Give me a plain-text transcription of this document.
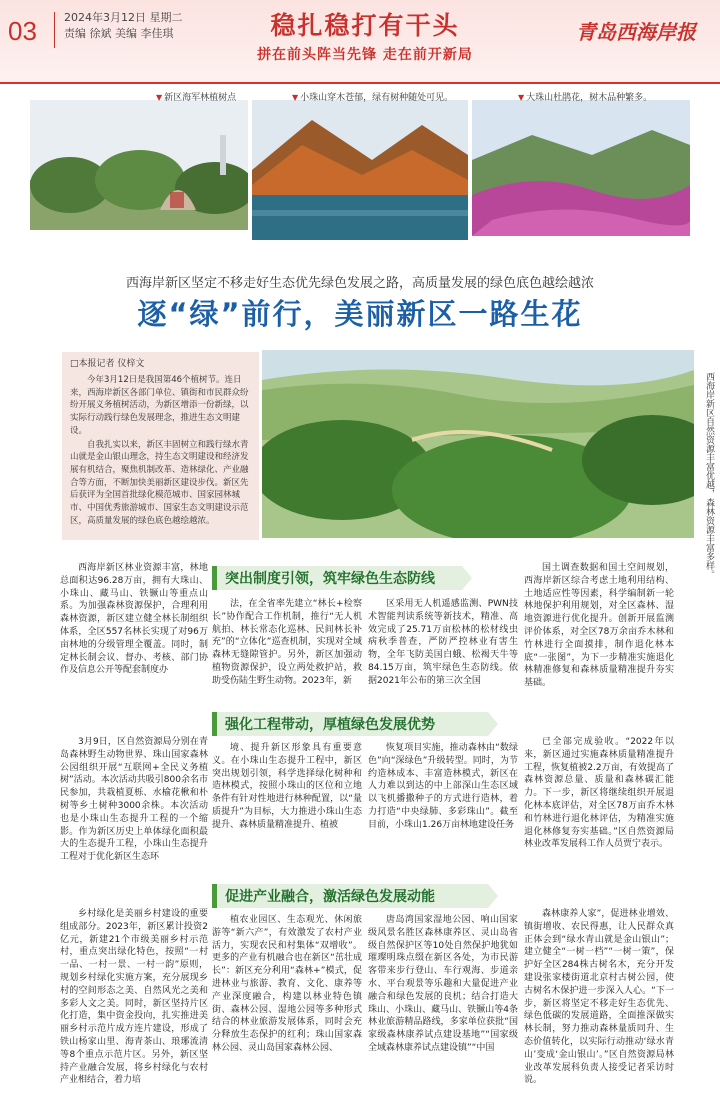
03 2024年3月12日 星期二
责编 徐斌 美编 李佳琪	稳扎稳打有干头
拼在前头阵当先锋 走在前开新局
青岛西海岸报
▼ 新区海军林植树点	▼ 小珠山穿木苍郁，绿有树种随处可见。	▼ 大珠山杜鹃花，树木品种繁多。
西海岸新区坚定不移走好生态优先绿色发展之路，高质量发展的绿色底色越绘越浓
逐“绿”前行，美丽新区一路生花
□本报记者 仪梓文

今年3月12日是我国第46个植树节。连日来，西海岸新区各部门单位、镇街和市民群众纷纷开展义务植树活动，为新区增添一份新绿，以实际行动践行绿色发展理念，推进生态文明建设。

自我扎实以来，新区丰固树立和践行绿水青山就是金山银山理念，持生态文明建设和经济发展有机结合，聚焦机制改革、造林绿化、产业融合等方面，不断加快美丽新区建设步伐。新区先后获评为全国首批绿化模范城市、国家园林城市、中国优秀旅游城市、国家生态文明建设示范区，高质量发展的绿色底色越绘越浓。	西海岸新区自然资源丰富优越，森林资源丰富多样。
突出制度引领，筑牢绿色生态防线

西海岸新区林业资源丰富，林地总面积达96.28万亩，拥有大珠山、小珠山、藏马山、铁镢山等重点山系。为加强森林资源保护，合理利用森林资源，新区建立健全林长制组织体系，全区557名林长实现了对96万亩林地的分级管理全覆盖。同时，制定林长制会议、督办、考核、部门协作及信息公开等配套制度办

法，在全省率先建立“林长+检察长”协作配合工作机制，推行“无人机航拍、林长常态化巡林、民间林长补充”的“立体化”巡查机制，实现对全域森林无缝隙管护。另外，新区加强动植物资源保护，设立两处救护站，救助受伤陆生野生动物。2023年，新

区采用无人机遥感监测、PWN技术智能判读系统等新技术，精准、高效完成了25.71万亩松林的松材线虫病秋季普查，严防严控林业有害生物，全年飞防美国白蛾、松褐天牛等84.15万亩，筑牢绿色生态防线。依据2021年公布的第三次全国

国土调查数据和国土空间规划，西海岸新区综合考虑土地利用结构、土地适应性等因素，科学编制新一轮林地保护利用规划，对全区森林、湿地资源进行优化提升。创新开展监测评价体系，对全区78万余亩乔木林和竹林进行全面摸排，制作退化林本底“一张图”，为下一步精准实施退化林精准修复和森林质量精准提升夯实基础。

强化工程带动，厚植绿色发展优势

3月9日，区自然资源局分别在青岛森林野生动物世界、珠山国家森林公园组织开展“互联网+全民义务植树”活动。本次活动共吸引800余名市民参加，共栽植夏栎、水榆花楸和朴树等乡土树种3000余株。本次活动也是小珠山生态提升工程的一个缩影。作为新区历史上单体绿化面积最大的生态提升工程，小珠山生态提升工程对于优化新区生态环

境、提升新区形象具有重要意义。在小珠山生态提升工程中，新区突出规划引领，科学选择绿化树种和造林模式，按照小珠山的区位和立地条件有针对性地进行林种配置，以“量质提升”为目标，大力推进小珠山生态提升、森林质量精准提升、植被

恢复项目实施，推动森林由“数绿色”向“深绿色”升级转型。同时，为节约造林成本、丰富造林模式，新区在人力难以到达的中上部深山生态区域以飞机播撒种子的方式进行造林，着力打造“中央绿肺、多彩珠山”。截至目前，小珠山1.26万亩林地建设任务

已全部完成验收。“2022年以来，新区通过实施森林质量精准提升工程，恢复植被2.2万亩，有效提高了森林资源总量、质量和森林碳汇能力。下一步，新区将继续组织开展退化林本底评估，对全区78万亩乔木林和竹林进行退化林评估，为精准实施退化林修复夯实基础。”区自然资源局林业改革发展科工作人员贾宁表示。

促进产业融合，激活绿色发展动能

乡村绿化是美丽乡村建设的重要组成部分。2023年，新区累计投资2亿元，新建21个市级美丽乡村示范村，重点突出绿化特色，按照“一村一品、一村一景、一村一韵”原则，规划乡村绿化实施方案，充分展现乡村的空间形态之美、自然风光之美和多彩人文之美。同时，新区坚持片区化打造，集中资金投向，扎实推进美丽乡村示范片成方连片建设，形成了铁山杨家山里、海青茶山、琅琊流清等8个重点示范片区。另外，新区坚持产业融合发展，将乡村绿化与农村产业相结合，着力培

植农业园区、生态观光、休闲旅游等“新六产”，有效激发了农村产业活力，实现农民和村集体“双增收”。更多的产业有机融合也在新区“茁壮成长”：新区充分利用“森林+”模式，促进林业与旅游、教育、文化、康养等产业深度融合，构建以林业特色镇街、森林公园、湿地公园等多种形式结合的林业旅游发展体系，同时会充分释放生态保护的红利；珠山国家森林公园、灵山岛国家森林公园、

唐岛湾国家湿地公园、响山国家级风景名胜区森林康养区、灵山岛省级自然保护区等10处自然保护地犹如璀璨明珠点缀在新区各处，为市民游客带来步行登山、车行观海、步道亲水、平台观景等乐趣和大量促进产业融合和绿色发展的良机；结合打造大珠山、小珠山、藏马山、铁镢山等4条林业旅游精品路线，多家单位获批“国家级森林康养试点建设基地”“国家级全域森林康养试点建设镇”“中国

森林康养人家”，促进林业增效、镇街增收、农民得惠，让人民群众真正体会到“绿水青山就是金山银山”；建立健全“一树一档”“一树一策”，保护好全区284株古树名木，充分开发建设张家楼街道北京村古树公园，使古树名木保护进一步深入人心。“下一步，新区将坚定不移走好生态优先、绿色低碳的发展道路，全面推深做实林长制，努力推动森林量质同升、生态价值转化，以实际行动推动‘绿水青山’变成‘金山银山’。”区自然资源局林业改革发展科负责人接受记者采访时说。
